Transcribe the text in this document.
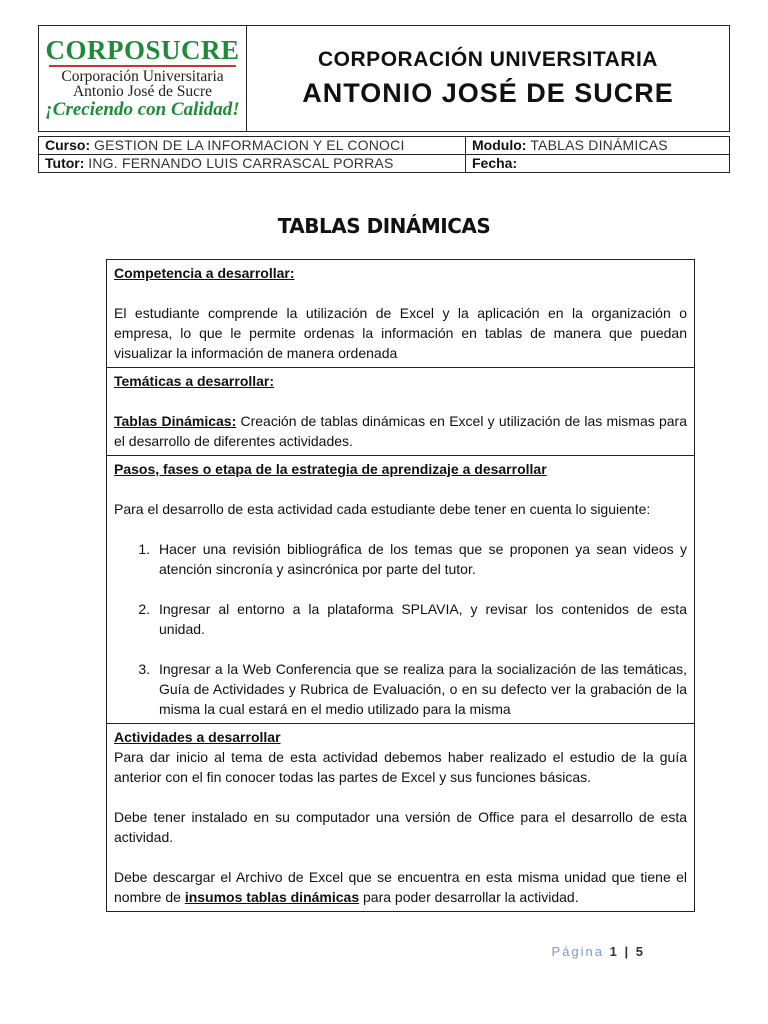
CORPOSUCRE
Corporación Universitaria
Antonio José de Sucre
¡Creciendo con Calidad!

CORPORACIÓN UNIVERSITARIA
ANTONIO JOSÉ DE SUCRE
Curso: GESTION DE LA INFORMACION Y EL CONOCI	Modulo: TABLAS DINÁMICAS
Tutor: ING. FERNANDO LUIS CARRASCAL PORRAS	Fecha:
TABLAS DINÁMICAS

Competencia a desarrollar:

El estudiante comprende la utilización de Excel y la aplicación en la organización o empresa, lo que le permite ordenas la información en tablas de manera que puedan visualizar la información de manera ordenada

Temáticas a desarrollar:

Tablas Dinámicas: Creación de tablas dinámicas en Excel y utilización de las mismas para el desarrollo de diferentes actividades.

Pasos, fases o etapa de la estrategia de aprendizaje a desarrollar

Para el desarrollo de esta actividad cada estudiante debe tener en cuenta lo siguiente:

1. Hacer una revisión bibliográfica de los temas que se proponen ya sean videos y atención sincronía y asincrónica por parte del tutor.
2. Ingresar al entorno a la plataforma SPLAVIA, y revisar los contenidos de esta unidad.
3. Ingresar a la Web Conferencia que se realiza para la socialización de las temáticas, Guía de Actividades y Rubrica de Evaluación, o en su defecto ver la grabación de la misma la cual estará en el medio utilizado para la misma

Actividades a desarrollar

Para dar inicio al tema de esta actividad debemos haber realizado el estudio de la guía anterior con el fin conocer todas las partes de Excel y sus funciones básicas.

Debe tener instalado en su computador una versión de Office para el desarrollo de esta actividad.

Debe descargar el Archivo de Excel que se encuentra en esta misma unidad que tiene el nombre de insumos tablas dinámicas para poder desarrollar la actividad.

Página 1 | 5
